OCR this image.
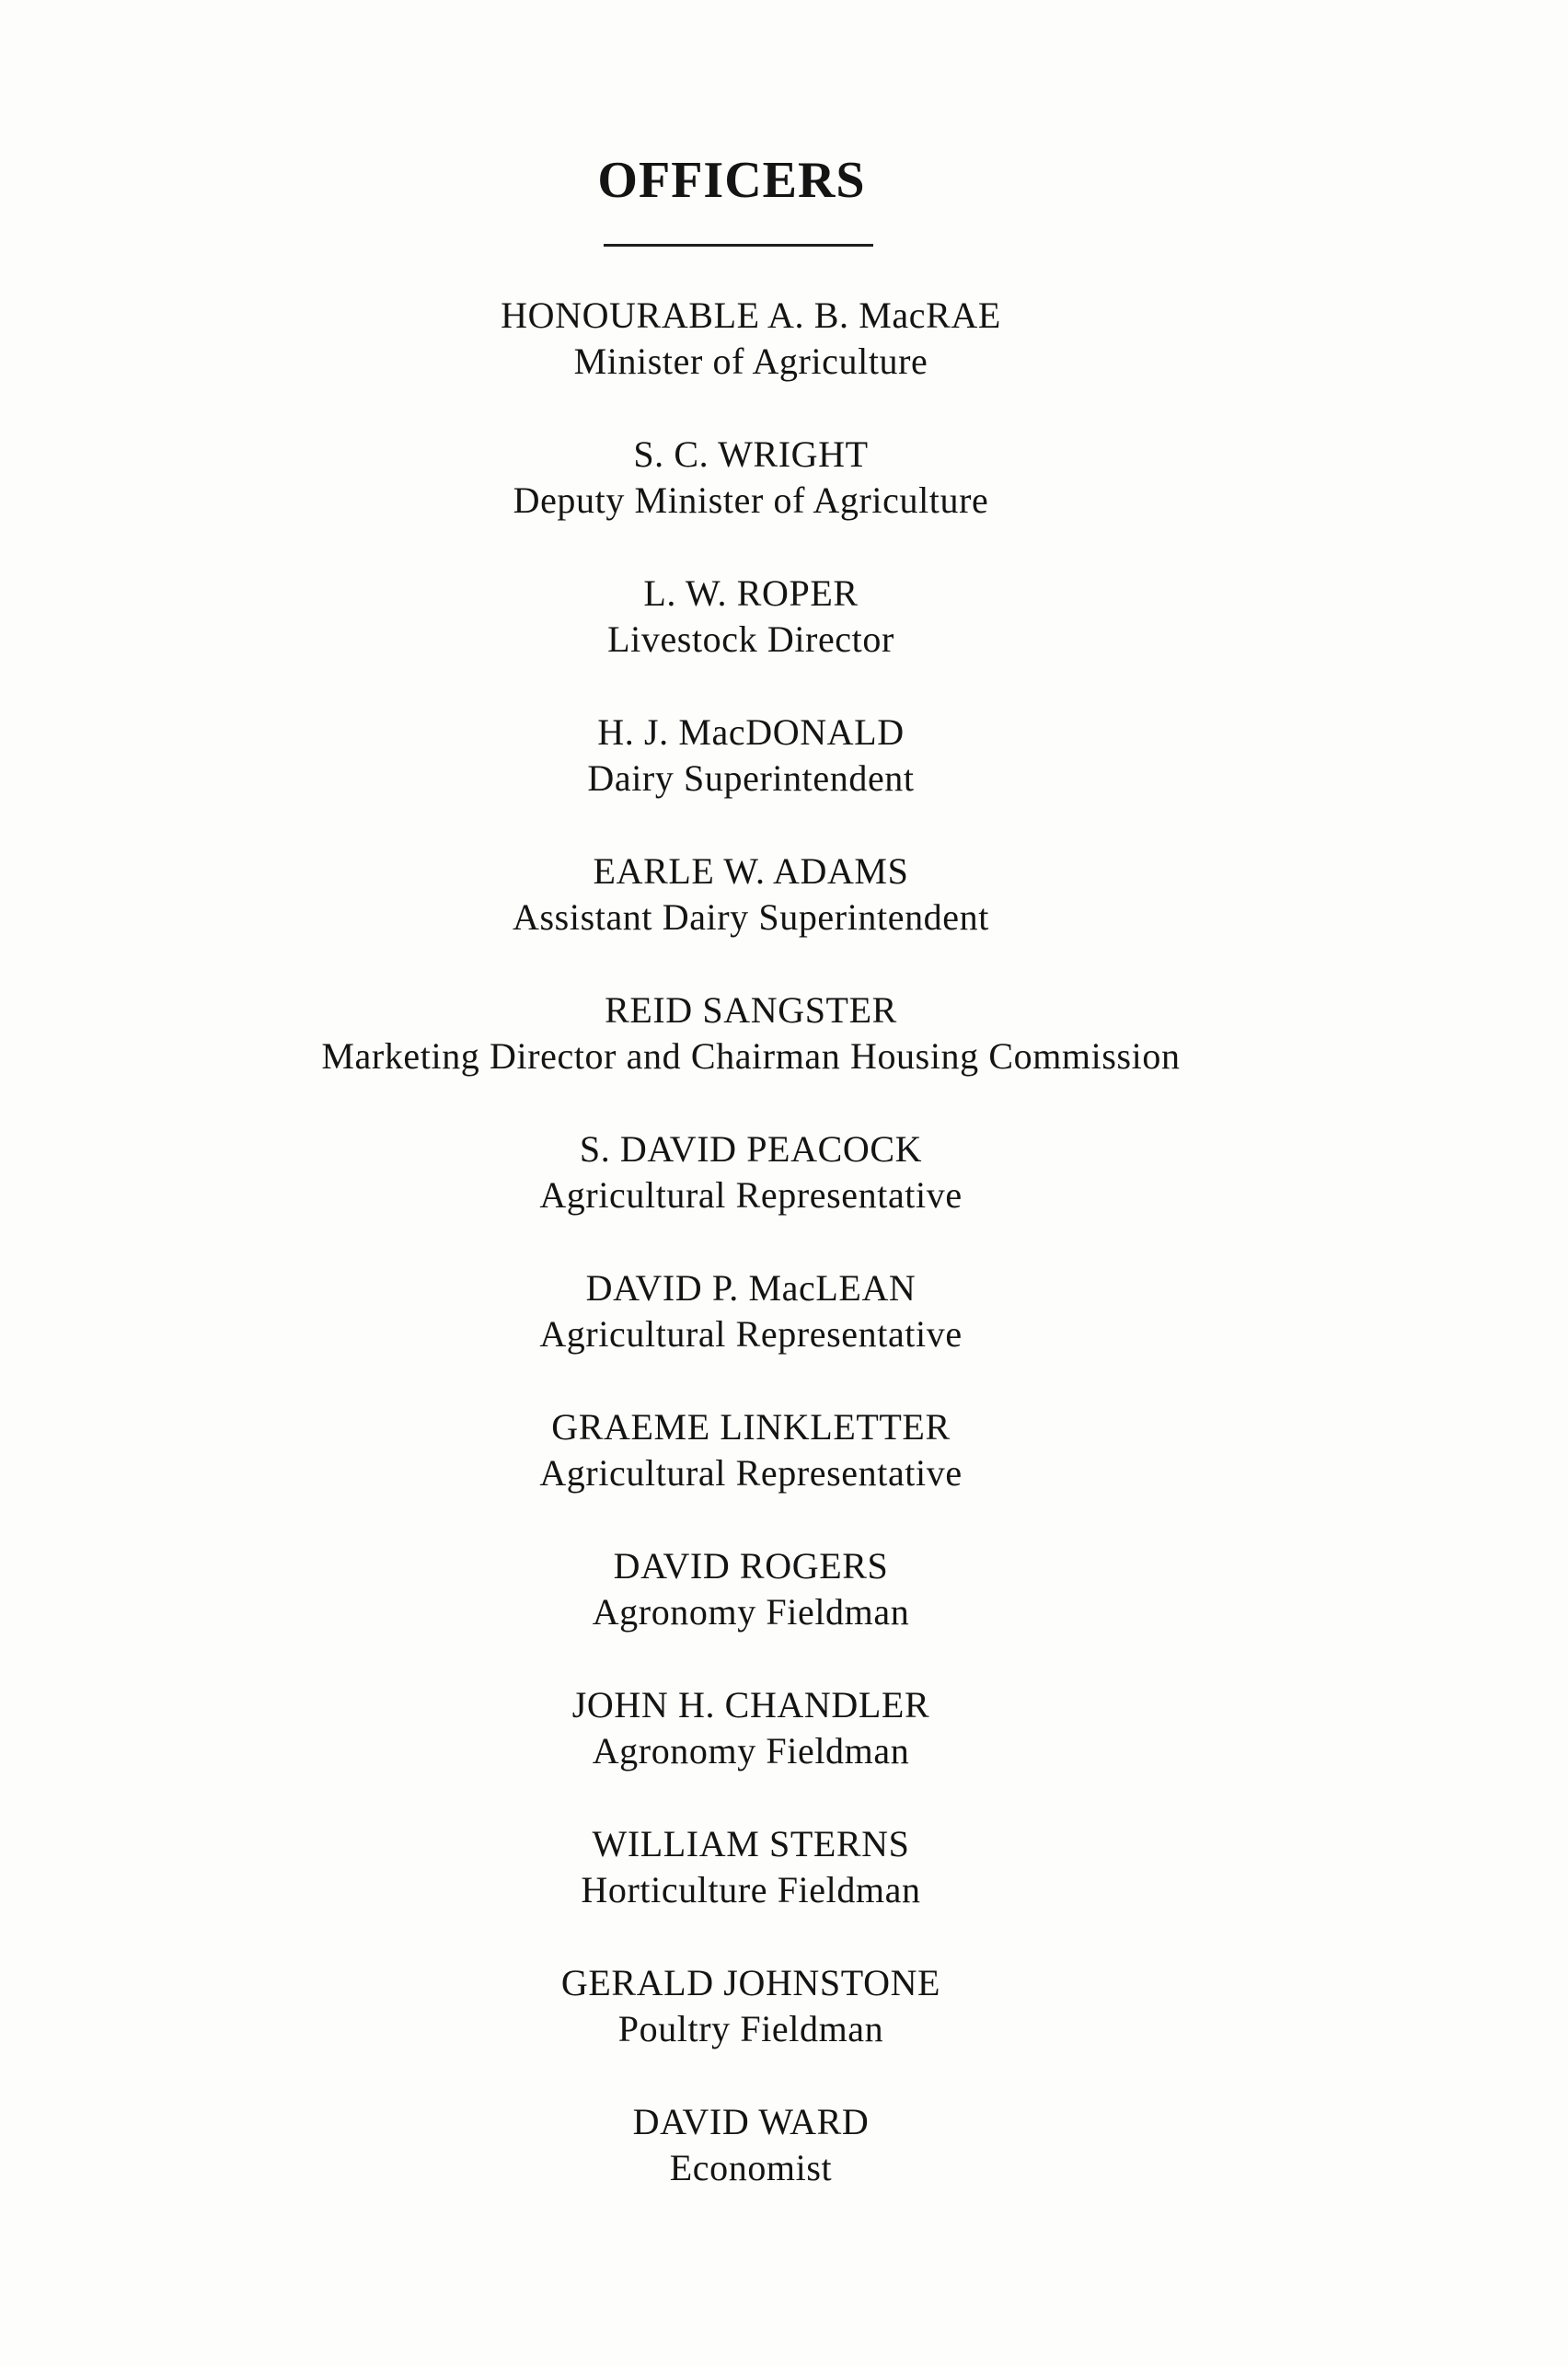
OFFICERS
HONOURABLE A. B. MacRAE
Minister of Agriculture
S. C. WRIGHT
Deputy Minister of Agriculture
L. W. ROPER
Livestock Director
H. J. MacDONALD
Dairy Superintendent
EARLE W. ADAMS
Assistant Dairy Superintendent
REID SANGSTER
Marketing Director and Chairman Housing Commission
S. DAVID PEACOCK
Agricultural Representative
DAVID P. MacLEAN
Agricultural Representative
GRAEME LINKLETTER
Agricultural Representative
DAVID ROGERS
Agronomy Fieldman
JOHN H. CHANDLER
Agronomy Fieldman
WILLIAM STERNS
Horticulture Fieldman
GERALD JOHNSTONE
Poultry Fieldman
DAVID WARD
Economist
